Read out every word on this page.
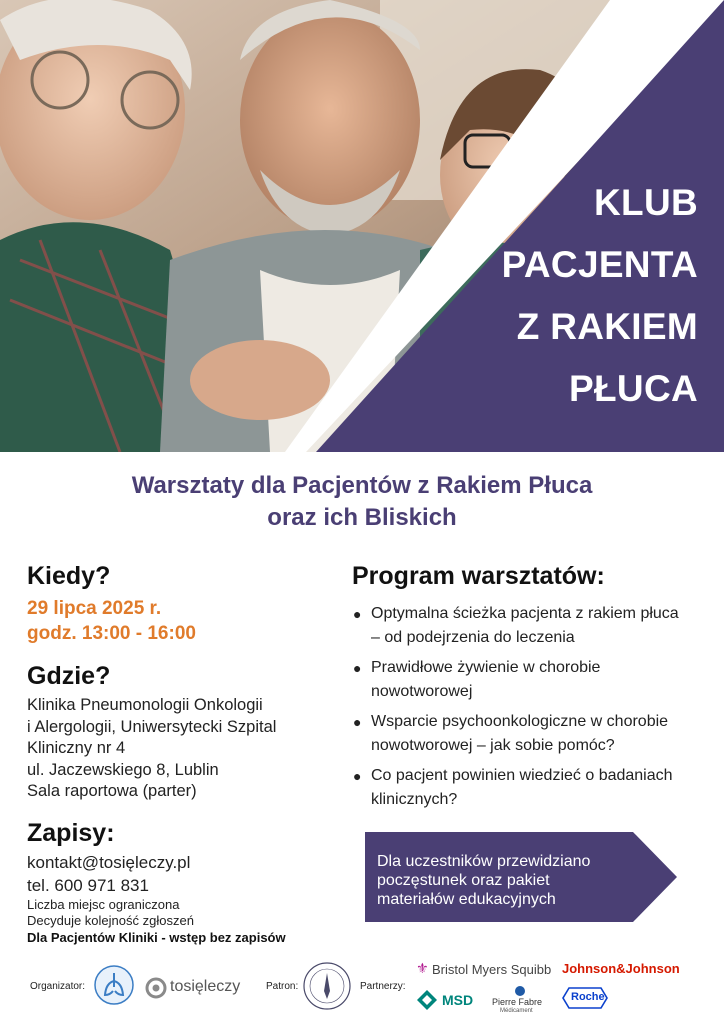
KLUB
PACJENTA
Z RAKIEM
PŁUCA
Warsztaty dla Pacjentów z Rakiem Płuca
oraz ich Bliskich
Kiedy?
29 lipca 2025 r.
godz. 13:00 - 16:00
Gdzie?
Klinika Pneumonologii Onkologii
i Alergologii, Uniwersytecki Szpital
Kliniczny nr 4
ul. Jaczewskiego 8, Lublin
Sala raportowa (parter)
Zapisy:
kontakt@tosięleczy.pl
tel. 600 971 831
Liczba miejsc ograniczona
Decyduje kolejność zgłoszeń
Dla Pacjentów Kliniki - wstęp bez zapisów
Program warsztatów:
● Optymalna ścieżka pacjenta z rakiem płuca
– od podejrzenia do leczenia
● Prawidłowe żywienie w chorobie
nowotworowej
● Wsparcie psychoonkologiczne w chorobie
nowotworowej – jak sobie pomóc?
● Co pacjent powinien wiedzieć o badaniach
klinicznych?
Dla uczestników przewidziano
poczęstunek oraz pakiet
materiałów edukacyjnych
Organizator:	tosięleczy	Patron:	Partnerzy:
⚜ Bristol Myers Squibb Johnson&Johnson
MSD Pierre Fabre
Médicament
Roche
